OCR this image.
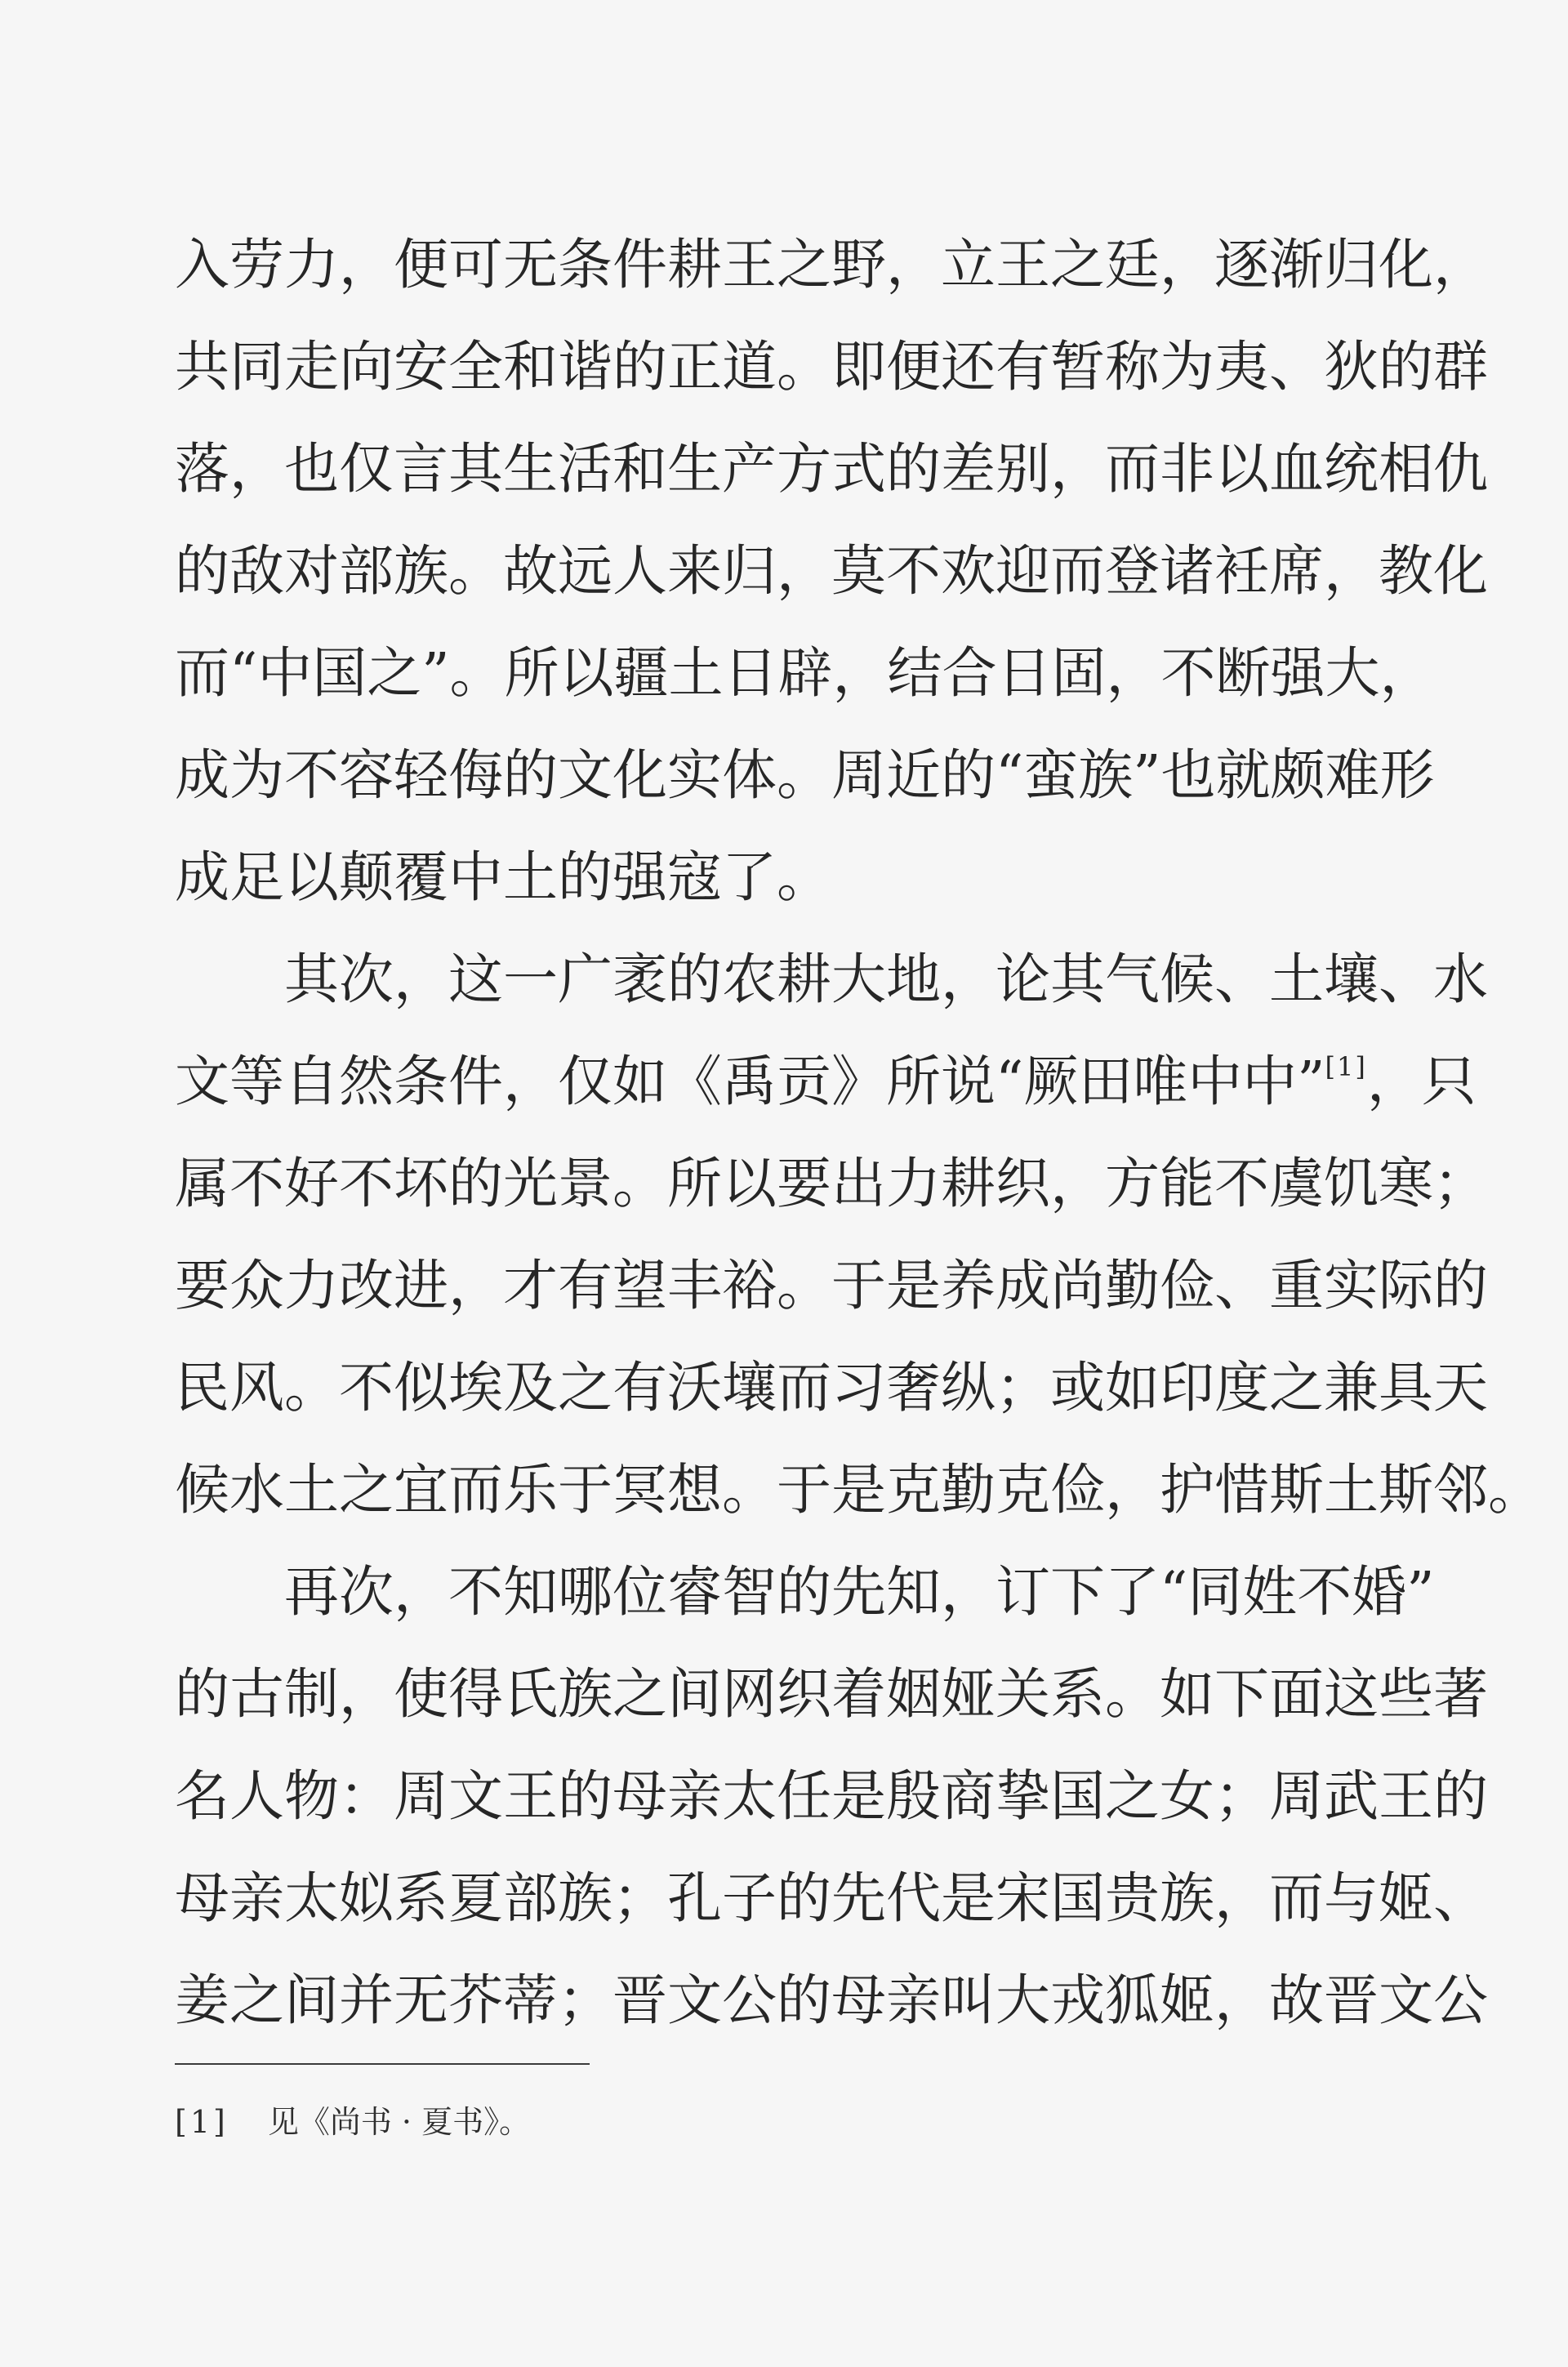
入劳力，便可无条件耕王之野，立王之廷，逐渐归化，
共同走向安全和谐的正道。即便还有暂称为夷、狄的群
落，也仅言其生活和生产方式的差别，而非以血统相仇
的敌对部族。故远人来归，莫不欢迎而登诸衽席，教化
而“中国之”。所以疆土日辟，结合日固，不断强大，
成为不容轻侮的文化实体。周近的“蛮族”也就颇难形
成足以颠覆中土的强寇了。
其次，这一广袤的农耕大地，论其气候、土壤、水
文等自然条件，仅如《禹贡》所说“厥田唯中中”[1]，只
属不好不坏的光景。所以要出力耕织，方能不虞饥寒；
要众力改进，才有望丰裕。于是养成尚勤俭、重实际的
民风。不似埃及之有沃壤而习奢纵；或如印度之兼具天
候水土之宜而乐于冥想。于是克勤克俭，护惜斯土斯邻。
再次，不知哪位睿智的先知，订下了“同姓不婚”
的古制，使得氏族之间网织着姻娅关系。如下面这些著
名人物：周文王的母亲太任是殷商挚国之女；周武王的
母亲太姒系夏部族；孔子的先代是宋国贵族，而与姬、
姜之间并无芥蒂；晋文公的母亲叫大戎狐姬，故晋文公
[1] 见《尚书 · 夏书》。
